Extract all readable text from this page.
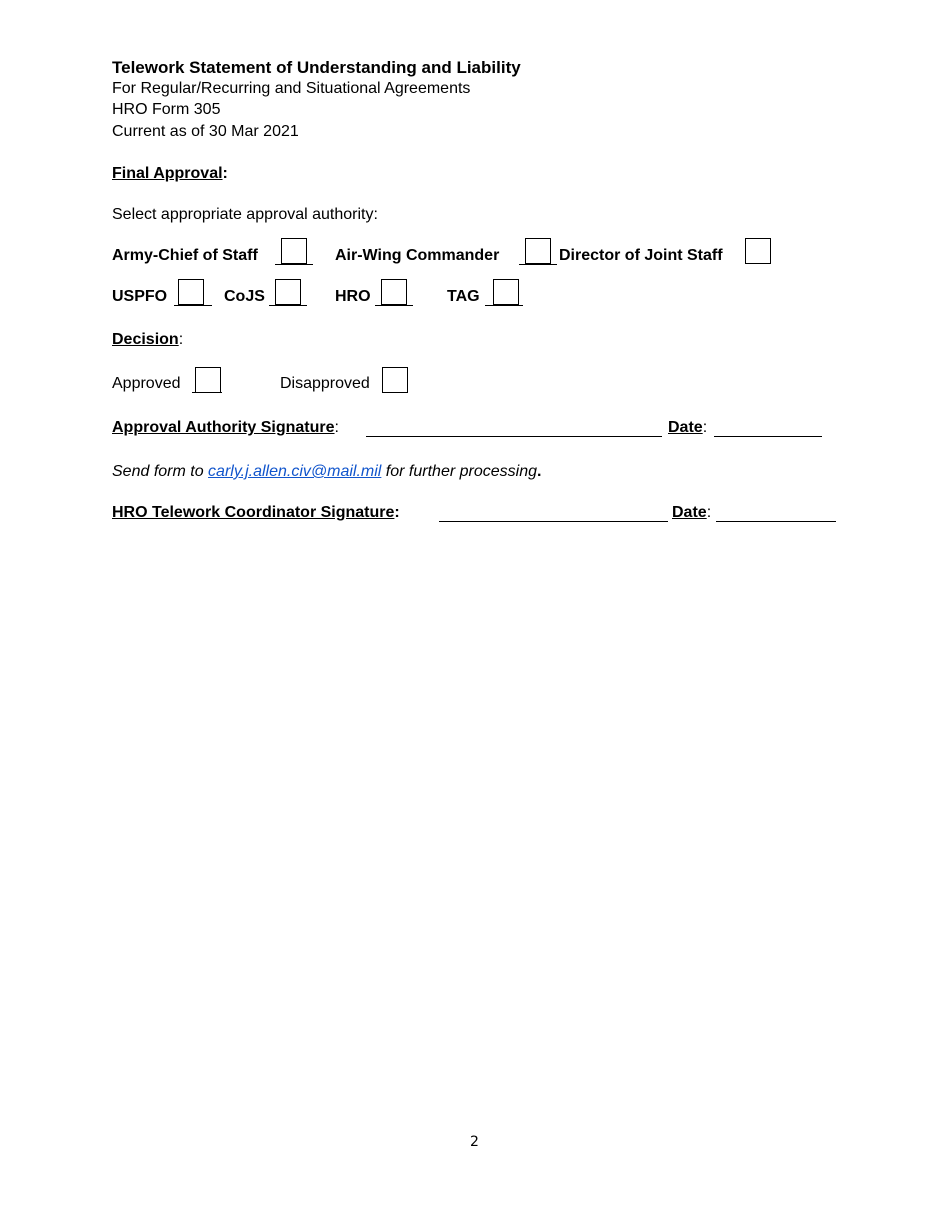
Telework Statement of Understanding and Liability
For Regular/Recurring and Situational Agreements
HRO Form 305
Current as of 30 Mar 2021
Final Approval:
Select appropriate approval authority:
Army-Chief of Staff	Air-Wing Commander	Director of Joint Staff
USPFO	CoJS	HRO	TAG
Decision:
Approved	Disapproved
Approval Authority Signature:	Date:
Send form to carly.j.allen.civ@mail.mil for further processing.
HRO Telework Coordinator Signature:	Date:
2
